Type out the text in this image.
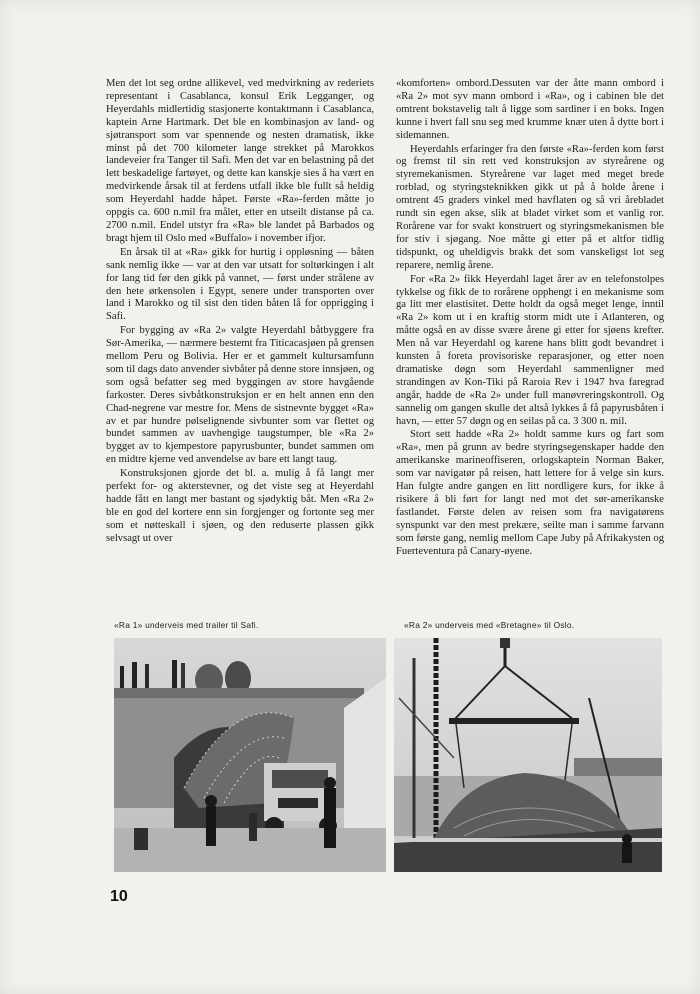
Men det lot seg ordne allikevel, ved medvirkning av rederiets representant i Casablanca, konsul Erik Legganger, og Heyerdahls midlertidig stasjonerte kontaktmann i Casablanca, kaptein Arne Hartmark. Det ble en kombinasjon av land- og sjøtransport som var spennende og nesten dramatisk, ikke minst på det 700 kilometer lange strekket på Marokkos landeveier fra Tanger til Safi. Men det var en belastning på det lett beskadelige fartøyet, og dette kan kanskje sies å ha vært en medvirkende årsak til at ferdens utfall ikke ble fullt så heldig som Heyerdahl hadde håpet. Første «Ra»-ferden måtte jo oppgis ca. 600 n.mil fra målet, etter en utseilt distanse på ca. 2700 n.mil. Endel utstyr fra «Ra» ble landet på Barbados og bragt hjem til Oslo med «Buffalo» i november ifjor.

En årsak til at «Ra» gikk for hurtig i oppløsning — båten sank nemlig ikke — var at den var utsatt for soltørkingen i alt for lang tid før den gikk på vannet, — først under strålene av den hete ørkensolen i Egypt, senere under transporten over land i Marokko og til sist den tiden båten lå for opprigging i Safi.

For bygging av «Ra 2» valgte Heyerdahl båtbyggere fra Sør-Amerika, — nærmere bestemt fra Titicacasjøen på grensen mellom Peru og Bolivia. Her er et gammelt kultursamfunn som til dags dato anvender sivbåter på denne store innsjøen, og som også befatter seg med byggingen av store havgående farkoster. Deres sivbåtkonstruksjon er en helt annen enn den Chad-negrene var mestre for. Mens de sistnevnte bygget «Ra» av et par hundre pølselignende sivbunter som var flettet og bundet sammen av uavhengige taugstumper, ble «Ra 2» bygget av to kjempestore papyrusbunter, bundet sammen om en midtre kjerne ved anvendelse av bare ett langt taug.

Konstruksjonen gjorde det bl. a. mulig å få langt mer perfekt for- og akterstevner, og det viste seg at Heyerdahl hadde fått en langt mer bastant og sjødyktig båt. Men «Ra 2» ble en god del kortere enn sin forgjenger og fortonte seg mer som et nøtteskall i sjøen, og den reduserte plassen gikk selvsagt ut over

«komforten» ombord.Dessuten var der åtte mann ombord i «Ra 2» mot syv mann ombord i «Ra», og i cabinen ble det omtrent bokstavelig talt å ligge som sardiner i en boks. Ingen kunne i hvert fall snu seg med krumme knær uten å dytte bort i sidemannen.

Heyerdahls erfaringer fra den første «Ra»-ferden kom først og fremst til sin rett ved konstruksjon av styreårene og styremekanismen. Styreårene var laget med meget brede rorblad, og styringsteknikken gikk ut på å holde årene i omtrent 45 graders vinkel med havflaten og så vri årebladet rundt sin egen akse, slik at bladet virket som et vanlig ror. Rorårene var for svakt konstruert og styringsmekanismen ble for stiv i sjøgang. Noe måtte gi etter på et altfor tidlig tidspunkt, og uheldigvis brakk det som vanskeligst lot seg reparere, nemlig årene.

For «Ra 2» fikk Heyerdahl laget årer av en telefonstolpes tykkelse og fikk de to rorårene opphengt i en mekanisme som ga litt mer elastisitet. Dette holdt da også meget lenge, inntil «Ra 2» kom ut i en kraftig storm midt ute i Atlanteren, og måtte også en av disse svære årene gi etter for sjøens krefter. Men nå var Heyerdahl og karene hans blitt godt bevandret i kunsten å foreta provisoriske reparasjoner, og etter noen dramatiske døgn som Heyerdahl sammenligner med strandingen av Kon-Tiki på Raroia Rev i 1947 hva faregrad angår, hadde de «Ra 2» under full manøvreringskontroll. Og sannelig om gangen skulle det altså lykkes å få papyrusbåten i havn, — etter 57 døgn og en seilas på ca. 3 300 n. mil.

Stort sett hadde «Ra 2» holdt samme kurs og fart som «Ra», men på grunn av bedre styringsegenskaper hadde den amerikanske marineoffiseren, orlogskapteín Norman Baker, som var navigatør på reisen, hatt lettere for å velge sin kurs. Han fulgte andre gangen en litt nordligere kurs, for ikke å risikere å bli ført for langt ned mot det sør-amerikanske fastlandet. Første delen av reisen som fra navigatørens synspunkt var den mest prekære, seilte man i samme farvann som første gang, nemlig mellom Cape Juby på Afrikakysten og Fuerteventura på Canary-øyene.

«Ra 1» underveis med trailer til Safi.	«Ra 2» underveis med «Bretagne» til Oslo.
10
